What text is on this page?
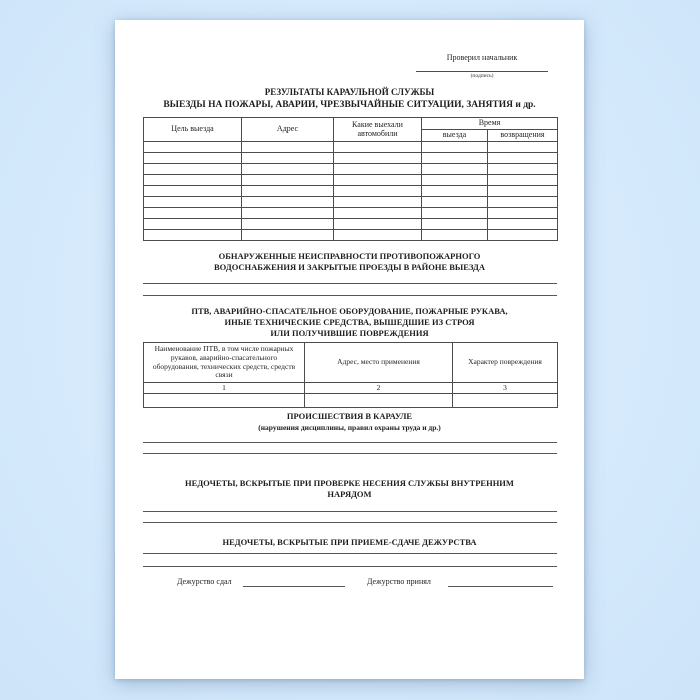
Проверил начальник
(подпись)
РЕЗУЛЬТАТЫ КАРАУЛЬНОЙ СЛУЖБЫ
ВЫЕЗДЫ НА ПОЖАРЫ, АВАРИИ, ЧРЕЗВЫЧАЙНЫЕ СИТУАЦИИ, ЗАНЯТИЯ и др.
Цель выезда	Адрес	Какие выехали автомобили	Время	
			выезда	возвращения

ОБНАРУЖЕННЫЕ НЕИСПРАВНОСТИ ПРОТИВОПОЖАРНОГО
ВОДОСНАБЖЕНИЯ И ЗАКРЫТЫЕ ПРОЕЗДЫ В РАЙОНЕ ВЫЕЗДА
ПТВ, АВАРИЙНО-СПАСАТЕЛЬНОЕ ОБОРУДОВАНИЕ, ПОЖАРНЫЕ РУКАВА,
ИНЫЕ ТЕХНИЧЕСКИЕ СРЕДСТВА, ВЫШЕДШИЕ ИЗ СТРОЯ
ИЛИ ПОЛУЧИВШИЕ ПОВРЕЖДЕНИЯ
Наименование ПТВ, в том числе пожарных рукавов, аварийно-спасательного оборудования, технических средств, средств связи	Адрес, место применения	Характер повреждения
1	2	3

ПРОИСШЕСТВИЯ В КАРАУЛЕ
(нарушения дисциплины, правил охраны труда и др.)
НЕДОЧЕТЫ, ВСКРЫТЫЕ ПРИ ПРОВЕРКЕ НЕСЕНИЯ СЛУЖБЫ ВНУТРЕННИМ НАРЯДОМ
НЕДОЧЕТЫ, ВСКРЫТЫЕ ПРИ ПРИЕМЕ-СДАЧЕ ДЕЖУРСТВА
Дежурство сдал	Дежурство принял
